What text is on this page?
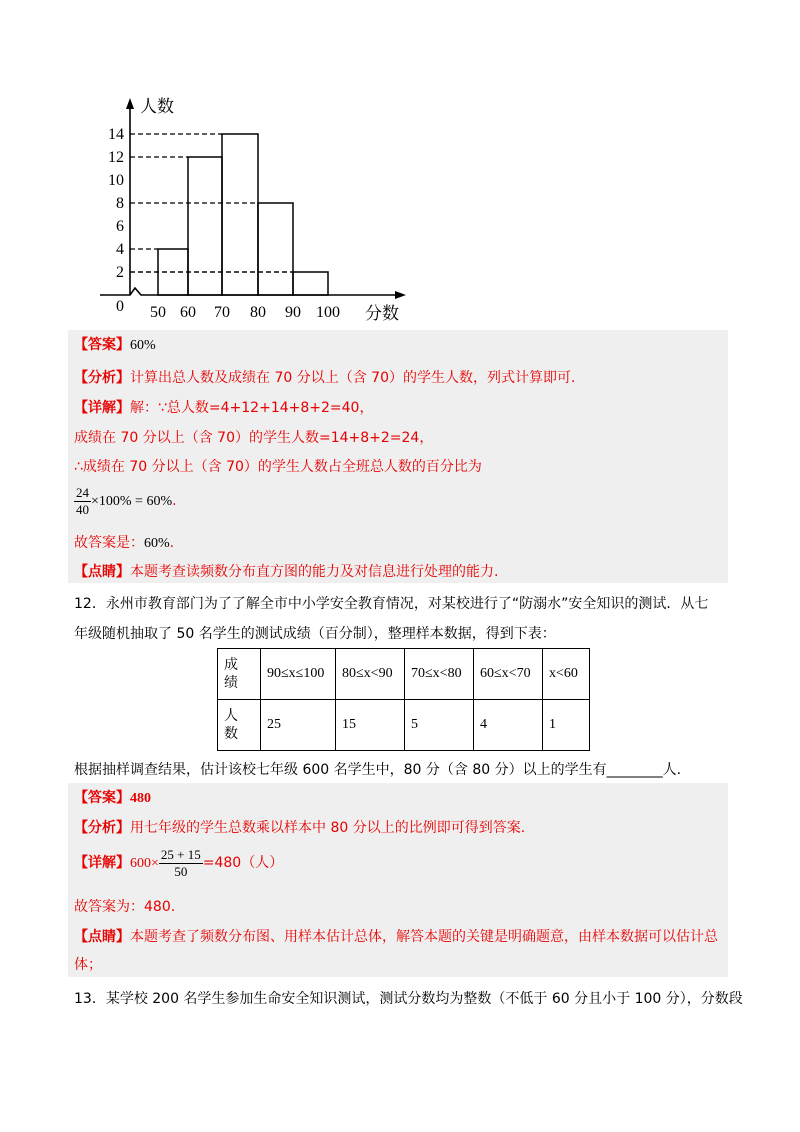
2
4
6
8
10
12
14
50 60 70 80 90 100
0
人数
分数
【答案】60%
【分析】计算出总人数及成绩在 70 分以上（含 70）的学生人数，列式计算即可.
【详解】解：∵总人数=4+12+14+8+2=40，
成绩在 70 分以上（含 70）的学生人数=14+8+2=24，
∴成绩在 70 分以上（含 70）的学生人数占全班总人数的百分比为
$\frac{24}{40} \times 100\% = 60\%$.
故答案是：60%.
【点睛】本题考查读频数分布直方图的能力及对信息进行处理的能力.
12．永州市教育部门为了了解全市中小学安全教育情况，对某校进行了“防溺水”安全知识的测试．从七
年级随机抽取了 50 名学生的测试成绩（百分制），整理样本数据，得到下表：
成
绩	90≤x≤100	80≤x<90	70≤x<80	60≤x<70	x<60
人
数	25	15	5	4	1
根据抽样调查结果，估计该校七年级 600 名学生中，80 分（含 80 分）以上的学生有________人.
【答案】480
【分析】用七年级的学生总数乘以样本中 80 分以上的比例即可得到答案.
【详解】$600\times \frac{25 + 15}{50} =480$（人）
故答案为：480.
【点睛】本题考查了频数分布图、用样本估计总体，解答本题的关键是明确题意，由样本数据可以估计总
体；
13．某学校 200 名学生参加生命安全知识测试，测试分数均为整数（不低于 60 分且小于 100 分），分数段
